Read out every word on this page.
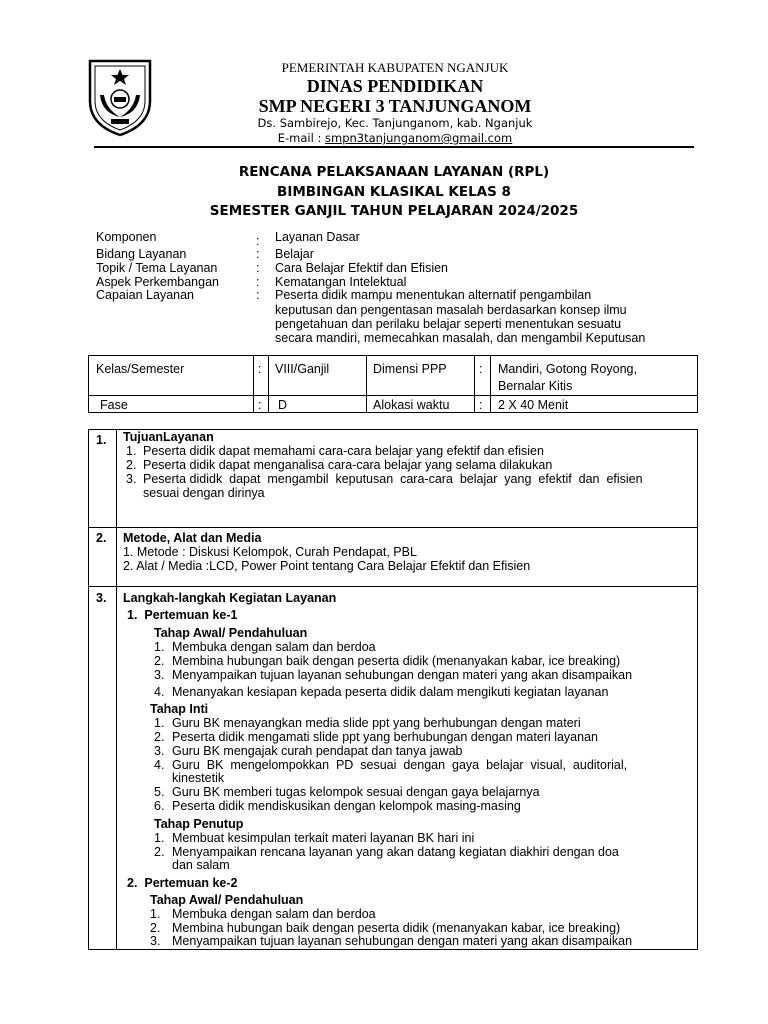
PEMERINTAH KABUPATEN NGANJUK
DINAS PENDIDIKAN
SMP NEGERI 3 TANJUNGANOM
Ds. Sambirejo, Kec. Tanjunganom, kab. Nganjuk
E-mail : smpn3tanjunganom@gmail.com
RENCANA PELAKSANAAN LAYANAN (RPL)
BIMBINGAN KLASIKAL KELAS 8
SEMESTER GANJIL TAHUN PELAJARAN 2024/2025
Komponen	: Layanan Dasar
Bidang Layanan	: Belajar
Topik / Tema Layanan	: Cara Belajar Efektif dan Efisien
Aspek Perkembangan	: Kematangan Intelektual
Capaian Layanan	: Peserta didik mampu menentukan alternatif pengambilan
keputusan dan pengentasan masalah berdasarkan konsep ilmu
pengetahuan dan perilaku belajar seperti menentukan sesuatu
secara mandiri, memecahkan masalah, dan mengambil Keputusan
Kelas/Semester	: VIII/Ganjil	Dimensi PPP	: Mandiri, Gotong Royong,
Bernalar Kitis
Fase	: D	Alokasi waktu : 2 X 40 Menit
1. TujuanLayanan
1. Peserta didik dapat memahami cara-cara belajar yang efektif dan efisien
2. Peserta didik dapat menganalisa cara-cara belajar yang selama dilakukan
3. Peserta dididk  dapat  mengambil  keputusan  cara-cara  belajar  yang  efektif  dan  efisien
sesuai dengan dirinya
2. Metode, Alat dan Media
1. Metode : Diskusi Kelompok, Curah Pendapat, PBL
2. Alat / Media :LCD, Power Point tentang Cara Belajar Efektif dan Efisien
3. Langkah-langkah Kegiatan Layanan
1.  Pertemuan ke-1
Tahap Awal/ Pendahuluan
1. Membuka dengan salam dan berdoa
2. Membina hubungan baik dengan peserta didik (menanyakan kabar, ice breaking)
3. Menyampaikan tujuan layanan sehubungan dengan materi yang akan disampaikan
4. Menanyakan kesiapan kepada peserta didik dalam mengikuti kegiatan layanan
Tahap Inti
1. Guru BK menayangkan media slide ppt yang berhubungan dengan materi
2. Peserta didik mengamati slide ppt yang berhubungan dengan materi layanan
3. Guru BK mengajak curah pendapat dan tanya jawab
4. Guru  BK  mengelompokkan  PD  sesuai  dengan  gaya  belajar  visual,  auditorial,
kinestetik
5. Guru BK memberi tugas kelompok sesuai dengan gaya belajarnya
6. Peserta didik mendiskusikan dengan kelompok masing-masing
Tahap Penutup
1. Membuat kesimpulan terkait materi layanan BK hari ini
2. Menyampaikan rencana layanan yang akan datang kegiatan diakhiri dengan doa
dan salam
2.  Pertemuan ke-2
Tahap Awal/ Pendahuluan
1. Membuka dengan salam dan berdoa
2. Membina hubungan baik dengan peserta didik (menanyakan kabar, ice breaking)
3. Menyampaikan tujuan layanan sehubungan dengan materi yang akan disampaikan
